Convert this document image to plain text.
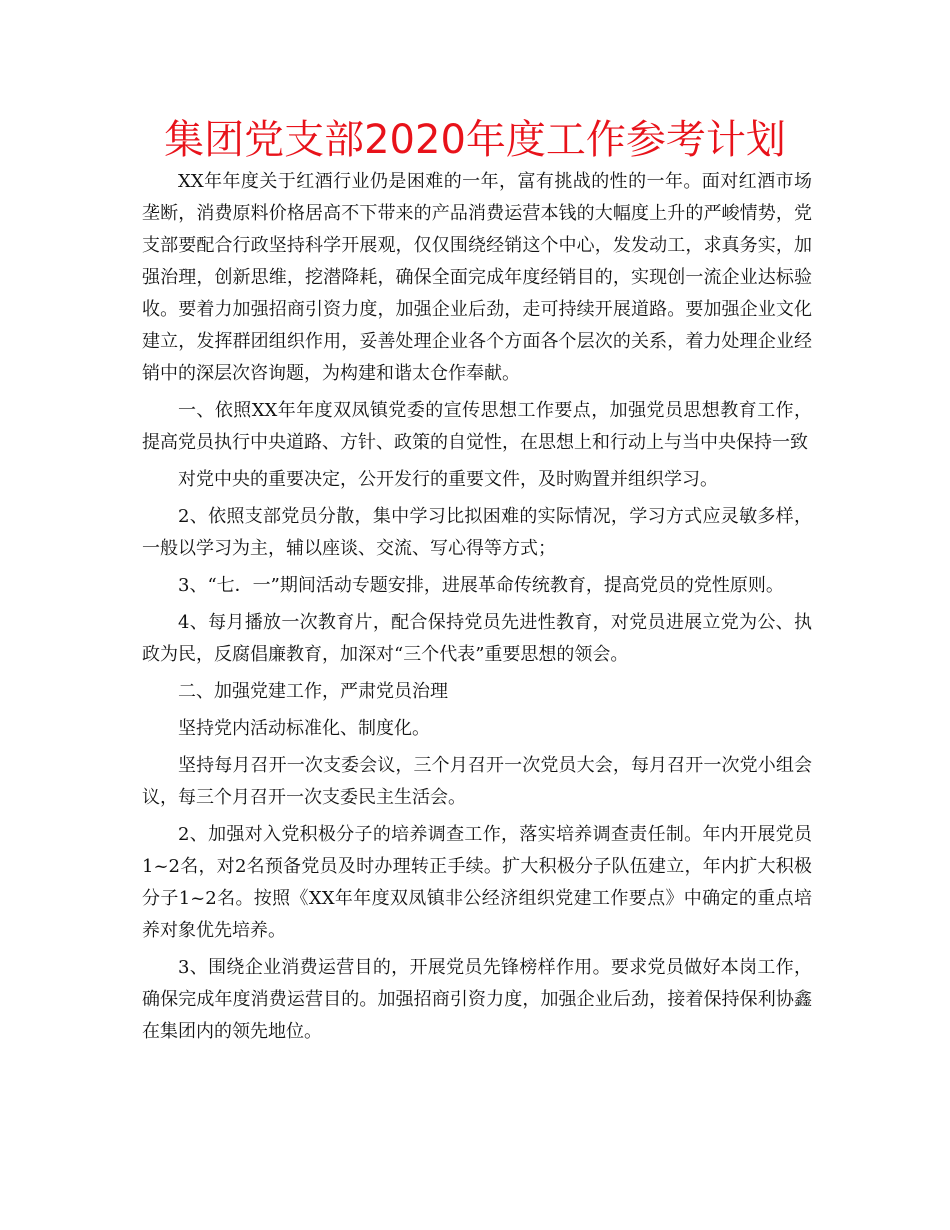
集团党支部2020年度工作参考计划

XX年年度关于红酒行业仍是困难的一年，富有挑战的性的一年。面对红酒市场垄断，消费原料价格居高不下带来的产品消费运营本钱的大幅度上升的严峻情势，党支部要配合行政坚持科学开展观，仅仅围绕经销这个中心，发发动工，求真务实，加强治理，创新思维，挖潜降耗，确保全面完成年度经销目的，实现创一流企业达标验收。要着力加强招商引资力度，加强企业后劲，走可持续开展道路。要加强企业文化建立，发挥群团组织作用，妥善处理企业各个方面各个层次的关系，着力处理企业经销中的深层次咨询题，为构建和谐太仓作奉献。

一、依照XX年年度双凤镇党委的宣传思想工作要点，加强党员思想教育工作，提高党员执行中央道路、方针、政策的自觉性，在思想上和行动上与当中央保持一致

对党中央的重要决定，公开发行的重要文件，及时购置并组织学习。

2、依照支部党员分散，集中学习比拟困难的实际情况，学习方式应灵敏多样，一般以学习为主，辅以座谈、交流、写心得等方式；

3、“七．一”期间活动专题安排，进展革命传统教育，提高党员的党性原则。

4、每月播放一次教育片，配合保持党员先进性教育，对党员进展立党为公、执政为民，反腐倡廉教育，加深对“三个代表”重要思想的领会。

二、加强党建工作，严肃党员治理

坚持党内活动标准化、制度化。

坚持每月召开一次支委会议，三个月召开一次党员大会，每月召开一次党小组会议，每三个月召开一次支委民主生活会。

2、加强对入党积极分子的培养调查工作，落实培养调查责任制。年内开展党员1~2名，对2名预备党员及时办理转正手续。扩大积极分子队伍建立，年内扩大积极分子1~2名。按照《XX年年度双凤镇非公经济组织党建工作要点》中确定的重点培养对象优先培养。

3、围绕企业消费运营目的，开展党员先锋榜样作用。要求党员做好本岗工作，确保完成年度消费运营目的。加强招商引资力度，加强企业后劲，接着保持保利协鑫在集团内的领先地位。
